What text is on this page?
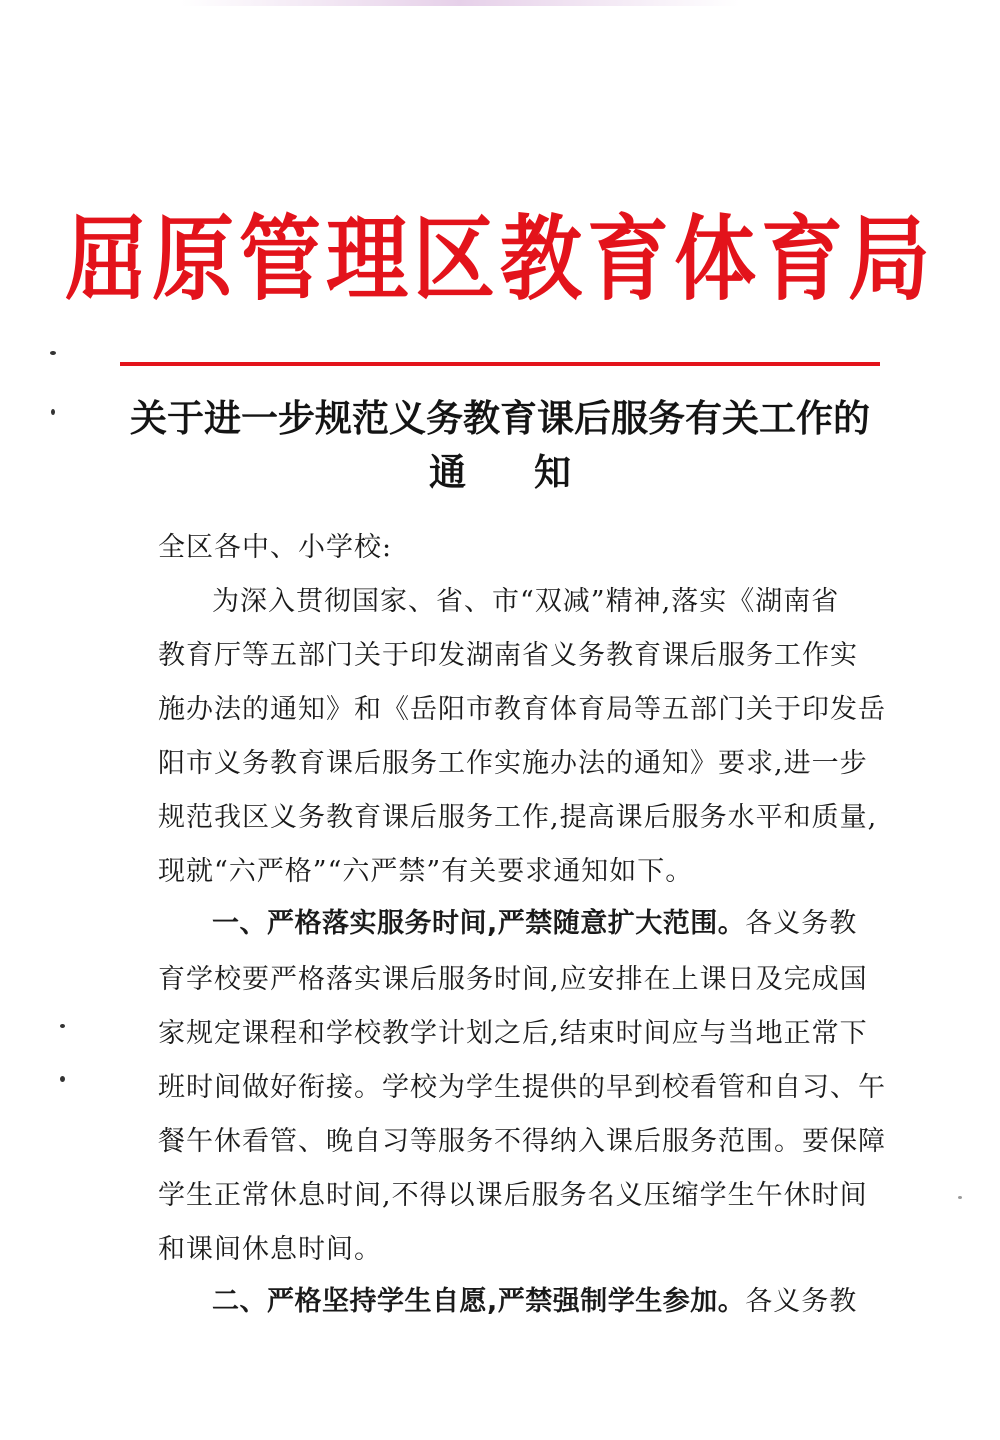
屈原管理区教育体育局
关于进一步规范义务教育课后服务有关工作的
通知
全区各中、小学校:
为深入贯彻国家、省、市“双减”精神,落实《湖南省
教育厅等五部门关于印发湖南省义务教育课后服务工作实
施办法的通知》和《岳阳市教育体育局等五部门关于印发岳
阳市义务教育课后服务工作实施办法的通知》要求,进一步
规范我区义务教育课后服务工作,提高课后服务水平和质量,
现就“六严格”“六严禁”有关要求通知如下。
一、严格落实服务时间,严禁随意扩大范围。各义务教
育学校要严格落实课后服务时间,应安排在上课日及完成国
家规定课程和学校教学计划之后,结束时间应与当地正常下
班时间做好衔接。学校为学生提供的早到校看管和自习、午
餐午休看管、晚自习等服务不得纳入课后服务范围。要保障
学生正常休息时间,不得以课后服务名义压缩学生午休时间
和课间休息时间。
二、严格坚持学生自愿,严禁强制学生参加。各义务教
